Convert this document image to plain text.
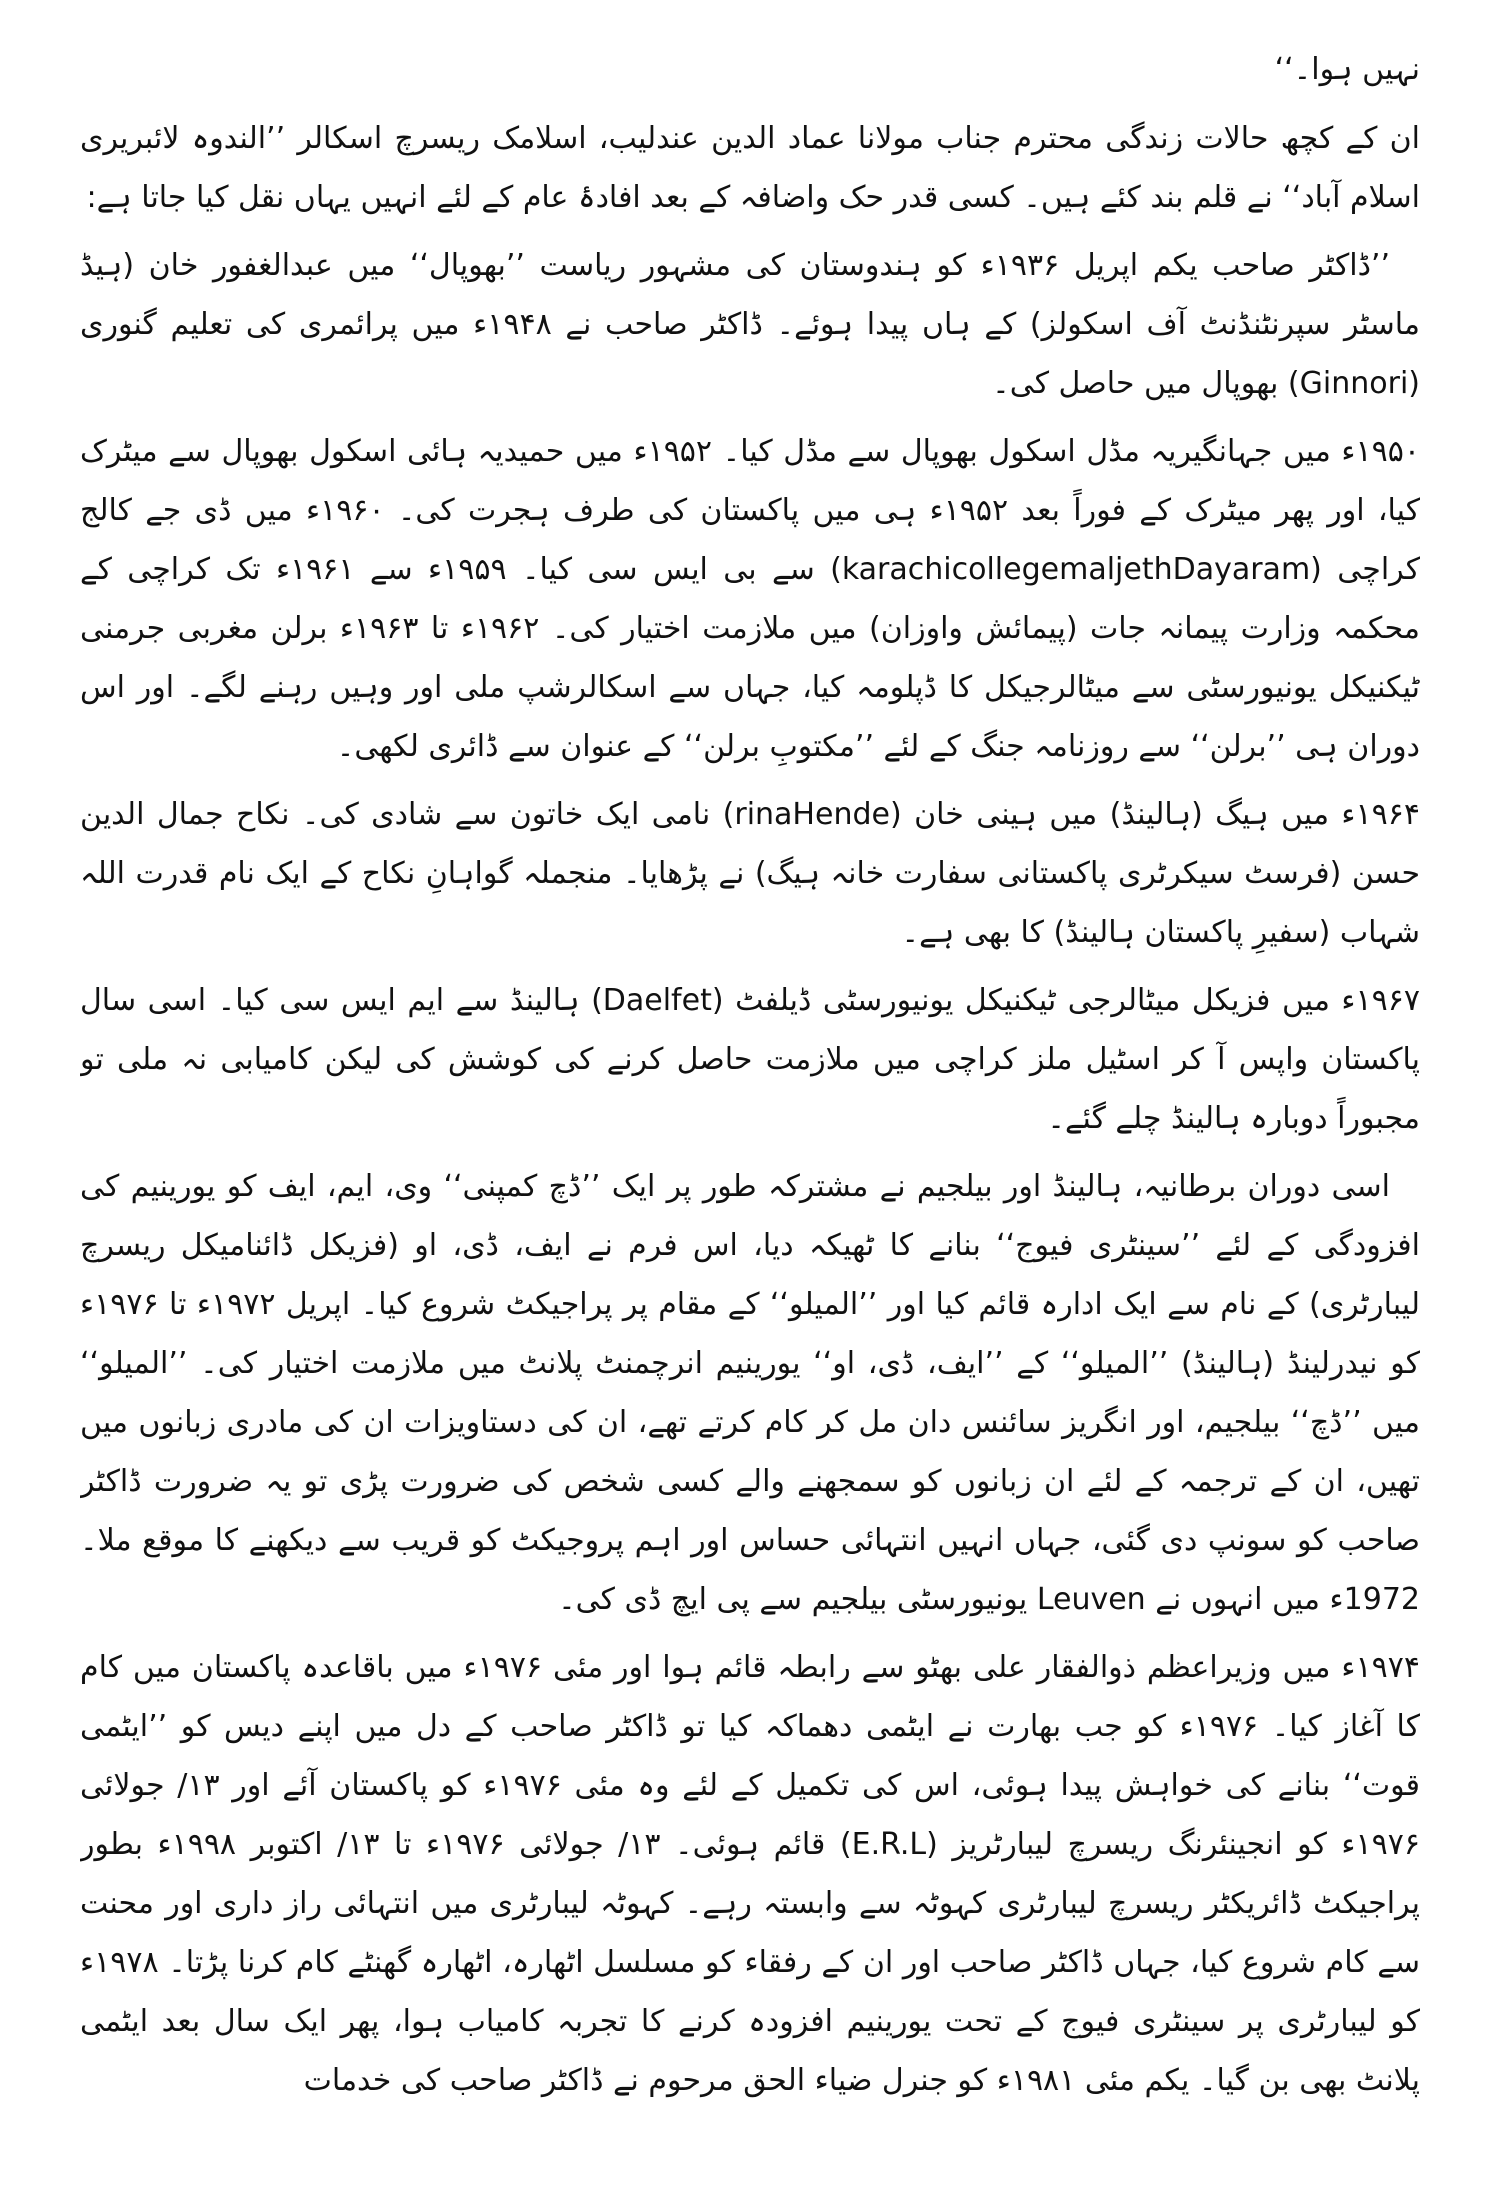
نہیں ہوا۔‘‘

ان کے کچھ حالات زندگی محترم جناب مولانا عماد الدین عندلیب، اسلامک ریسرچ اسکالر ’’الندوہ لائبریری اسلام آباد‘‘ نے قلم بند کئے ہیں۔ کسی قدر حک واضافہ کے بعد افادۂ عام کے لئے انہیں یہاں نقل کیا جاتا ہے:

’’ڈاکٹر صاحب یکم اپریل ۱۹۳۶ء کو ہندوستان کی مشہور ریاست ’’بھوپال‘‘ میں عبدالغفور خان (ہیڈ ماسٹر سپرنٹنڈنٹ آف اسکولز) کے ہاں پیدا ہوئے۔ ڈاکٹر صاحب نے ۱۹۴۸ء میں پرائمری کی تعلیم گنوری (Ginnori) بھوپال میں حاصل کی۔

۱۹۵۰ء میں جہانگیریہ مڈل اسکول بھوپال سے مڈل کیا۔ ۱۹۵۲ء میں حمیدیہ ہائی اسکول بھوپال سے میٹرک کیا، اور پھر میٹرک کے فوراً بعد ۱۹۵۲ء ہی میں پاکستان کی طرف ہجرت کی۔ ۱۹۶۰ء میں ڈی جے کالج کراچی (karachicollegemaljethDayaram) سے بی ایس سی کیا۔ ۱۹۵۹ء سے ۱۹۶۱ء تک کراچی کے محکمہ وزارت پیمانہ جات (پیمائش واوزان) میں ملازمت اختیار کی۔ ۱۹۶۲ء تا ۱۹۶۳ء برلن مغربی جرمنی ٹیکنیکل یونیورسٹی سے میٹالرجیکل کا ڈپلومہ کیا، جہاں سے اسکالرشپ ملی اور وہیں رہنے لگے۔ اور اس دوران ہی ’’برلن‘‘ سے روزنامہ جنگ کے لئے ’’مکتوبِ برلن‘‘ کے عنوان سے ڈائری لکھی۔

۱۹۶۴ء میں ہیگ (ہالینڈ) میں ہینی خان (rinaHende) نامی ایک خاتون سے شادی کی۔ نکاح جمال الدین حسن (فرسٹ سیکرٹری پاکستانی سفارت خانہ ہیگ) نے پڑھایا۔ منجملہ گواہانِ نکاح کے ایک نام قدرت اللہ شہاب (سفیرِ پاکستان ہالینڈ) کا بھی ہے۔

۱۹۶۷ء میں فزیکل میٹالرجی ٹیکنیکل یونیورسٹی ڈیلفٹ (Daelfet) ہالینڈ سے ایم ایس سی کیا۔ اسی سال پاکستان واپس آ کر اسٹیل ملز کراچی میں ملازمت حاصل کرنے کی کوشش کی لیکن کامیابی نہ ملی تو مجبوراً دوبارہ ہالینڈ چلے گئے۔

اسی دوران برطانیہ، ہالینڈ اور بیلجیم نے مشترکہ طور پر ایک ’’ڈچ کمپنی‘‘ وی، ایم، ایف کو یورینیم کی افزودگی کے لئے ’’سینٹری فیوج‘‘ بنانے کا ٹھیکہ دیا، اس فرم نے ایف، ڈی، او (فزیکل ڈائنامیکل ریسرچ لیبارٹری) کے نام سے ایک ادارہ قائم کیا اور ’’المیلو‘‘ کے مقام پر پراجیکٹ شروع کیا۔ اپریل ۱۹۷۲ء تا ۱۹۷۶ء کو نیدرلینڈ (ہالینڈ) ’’المیلو‘‘ کے ’’ایف، ڈی، او‘‘ یورینیم انرچمنٹ پلانٹ میں ملازمت اختیار کی۔ ’’المیلو‘‘ میں ’’ڈچ‘‘ بیلجیم، اور انگریز سائنس دان مل کر کام کرتے تھے، ان کی دستاویزات ان کی مادری زبانوں میں تھیں، ان کے ترجمہ کے لئے ان زبانوں کو سمجھنے والے کسی شخص کی ضرورت پڑی تو یہ ضرورت ڈاکٹر صاحب کو سونپ دی گئی، جہاں انہیں انتہائی حساس اور اہم پروجیکٹ کو قریب سے دیکھنے کا موقع ملا۔ 1972ء میں انہوں نے Leuven یونیورسٹی بیلجیم سے پی ایچ ڈی کی۔

۱۹۷۴ء میں وزیراعظم ذوالفقار علی بھٹو سے رابطہ قائم ہوا اور مئی ۱۹۷۶ء میں باقاعدہ پاکستان میں کام کا آغاز کیا۔ ۱۹۷۶ء کو جب بھارت نے ایٹمی دھماکہ کیا تو ڈاکٹر صاحب کے دل میں اپنے دیس کو ’’ایٹمی قوت‘‘ بنانے کی خواہش پیدا ہوئی، اس کی تکمیل کے لئے وہ مئی ۱۹۷۶ء کو پاکستان آئے اور ۱۳/ جولائی ۱۹۷۶ء کو انجینئرنگ ریسرچ لیبارٹریز (E.R.L) قائم ہوئی۔ ۱۳/ جولائی ۱۹۷۶ء تا ۱۳/ اکتوبر ۱۹۹۸ء بطور پراجیکٹ ڈائریکٹر ریسرچ لیبارٹری کہوٹہ سے وابستہ رہے۔ کہوٹہ لیبارٹری میں انتہائی راز داری اور محنت سے کام شروع کیا، جہاں ڈاکٹر صاحب اور ان کے رفقاء کو مسلسل اٹھارہ، اٹھارہ گھنٹے کام کرنا پڑتا۔ ۱۹۷۸ء کو لیبارٹری پر سینٹری فیوج کے تحت یورینیم افزودہ کرنے کا تجربہ کامیاب ہوا، پھر ایک سال بعد ایٹمی پلانٹ بھی بن گیا۔ یکم مئی ۱۹۸۱ء کو جنرل ضیاء الحق مرحوم نے ڈاکٹر صاحب کی خدمات
